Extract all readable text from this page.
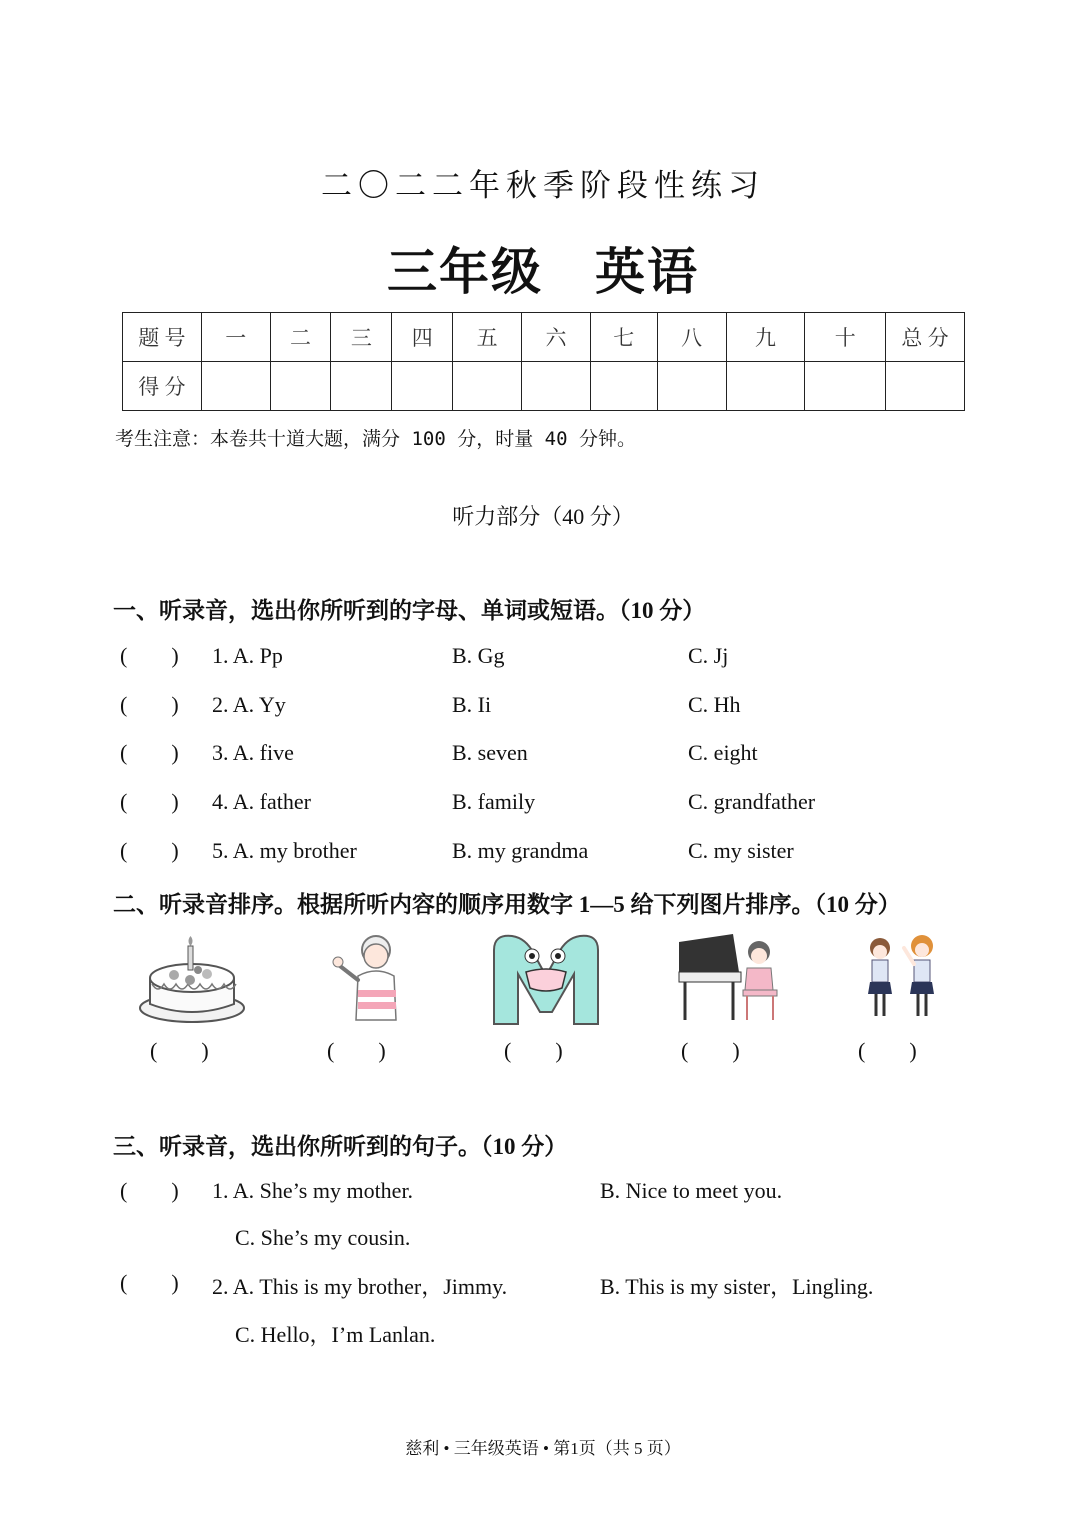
二〇二二年秋季阶段性练习
三年级　英语
题 号	一	二	三	四	五	六	七	八	九	十	总 分
得 分											
考生注意：本卷共十道大题，满分 100 分，时量 40 分钟。
听力部分（40 分）
一、听录音，选出你所听到的字母、单词或短语。（10 分）
(        )	1. A. Pp	B. Gg	C. Jj
(        )	2. A. Yy	B. Ii	C. Hh
(        )	3. A. five	B. seven	C. eight
(        )	4. A. father	B. family	C. grandfather
(        )	5. A. my brother	B. my grandma	C. my sister
二、听录音排序。根据所听内容的顺序用数字 1—5 给下列图片排序。（10 分）
(        )	(        )	(        )	(        )	(        )
三、听录音，选出你所听到的句子。（10 分）
(        )	1. A. She’s my mother.	B. Nice to meet you.
C. She’s my cousin.
(        )	2. A. This is my brother，Jimmy.	B. This is my sister，Lingling.
C. Hello，I’m Lanlan.
慈利 • 三年级英语 • 第1页（共 5 页）
